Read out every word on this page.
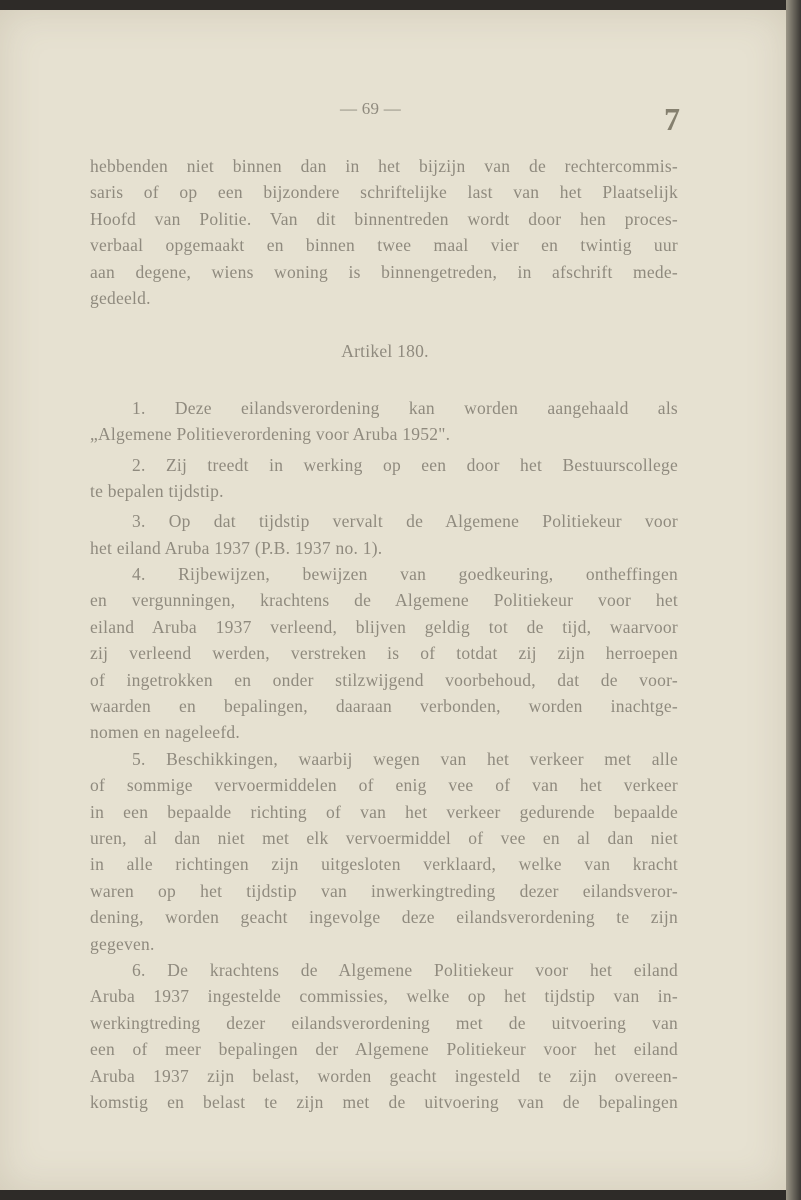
— 69 —	7
hebbenden niet binnen dan in het bijzijn van de rechtercommis-
saris of op een bijzondere schriftelijke last van het Plaatselijk
Hoofd van Politie. Van dit binnentreden wordt door hen proces-
verbaal opgemaakt en binnen twee maal vier en twintig uur
aan degene, wiens woning is binnengetreden, in afschrift mede-
gedeeld.
Artikel 180.
1. Deze eilandsverordening kan worden aangehaald als
„Algemene Politieverordening voor Aruba 1952".
2. Zij treedt in werking op een door het Bestuurscollege
te bepalen tijdstip.
3. Op dat tijdstip vervalt de Algemene Politiekeur voor
het eiland Aruba 1937 (P.B. 1937 no. 1).
4. Rijbewijzen, bewijzen van goedkeuring, ontheffingen
en vergunningen, krachtens de Algemene Politiekeur voor het
eiland Aruba 1937 verleend, blijven geldig tot de tijd, waarvoor
zij verleend werden, verstreken is of totdat zij zijn herroepen
of ingetrokken en onder stilzwijgend voorbehoud, dat de voor-
waarden en bepalingen, daaraan verbonden, worden inachtge-
nomen en nageleefd.
5. Beschikkingen, waarbij wegen van het verkeer met alle
of sommige vervoermiddelen of enig vee of van het verkeer
in een bepaalde richting of van het verkeer gedurende bepaalde
uren, al dan niet met elk vervoermiddel of vee en al dan niet
in alle richtingen zijn uitgesloten verklaard, welke van kracht
waren op het tijdstip van inwerkingtreding dezer eilandsveror-
dening, worden geacht ingevolge deze eilandsverordening te zijn
gegeven.
6. De krachtens de Algemene Politiekeur voor het eiland
Aruba 1937 ingestelde commissies, welke op het tijdstip van in-
werkingtreding dezer eilandsverordening met de uitvoering van
een of meer bepalingen der Algemene Politiekeur voor het eiland
Aruba 1937 zijn belast, worden geacht ingesteld te zijn overeen-
komstig en belast te zijn met de uitvoering van de bepalingen
